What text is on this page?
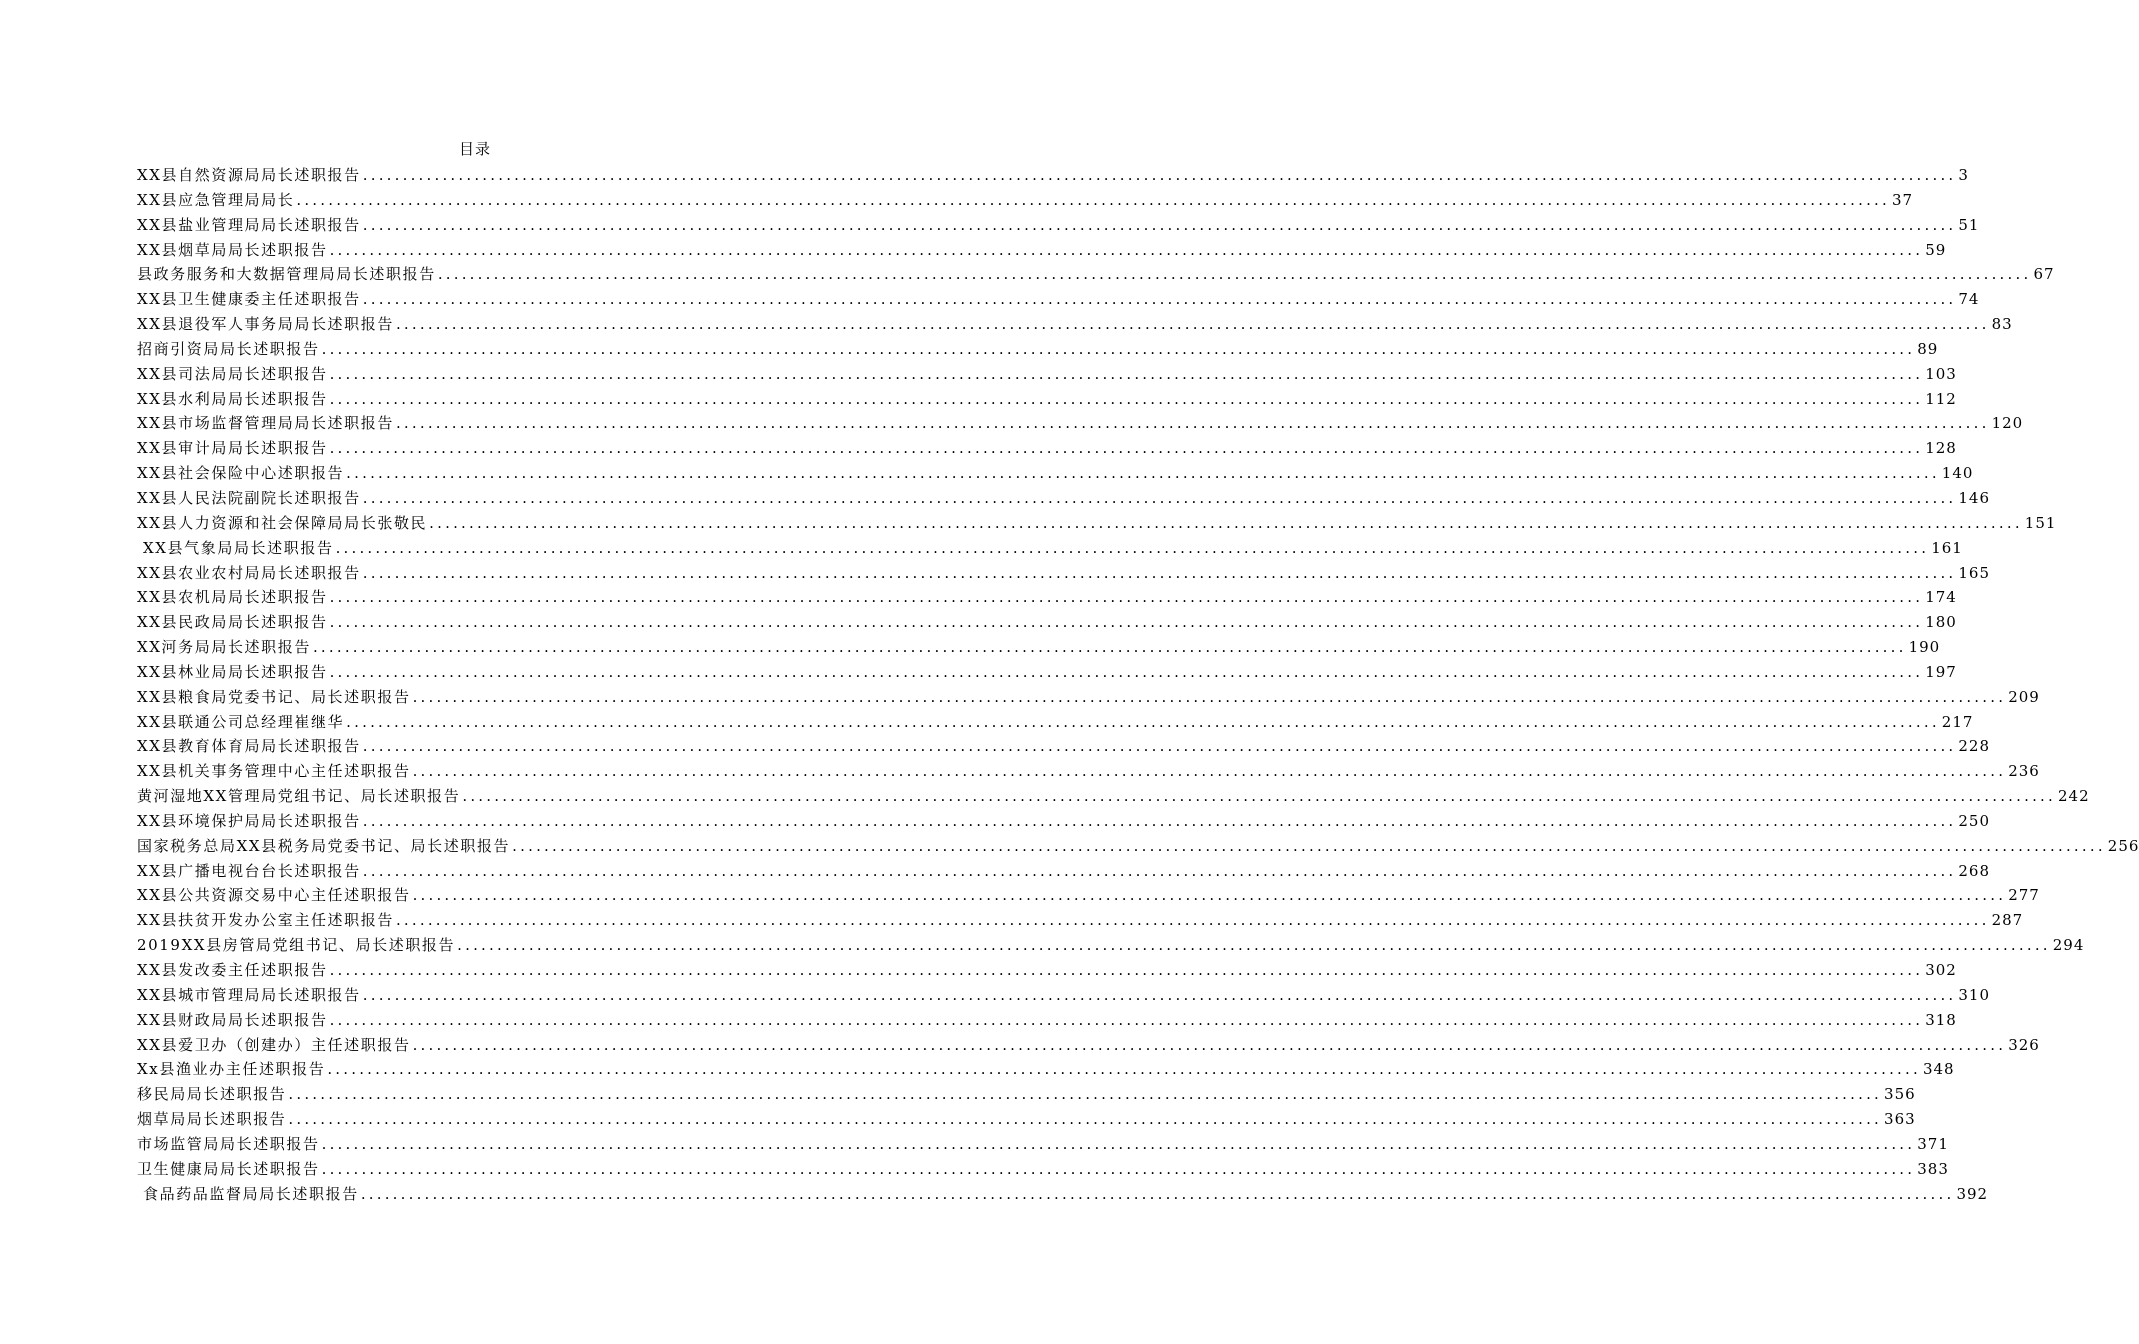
目录
XX县自然资源局局长述职报告 ........................................................................................................................................................................................................ 3
XX县应急管理局局长 ........................................................................................................................................................................................................ 37
XX县盐业管理局局长述职报告 ........................................................................................................................................................................................................ 51
XX县烟草局局长述职报告 ........................................................................................................................................................................................................ 59
县政务服务和大数据管理局局长述职报告 ........................................................................................................................................................................................................ 67
XX县卫生健康委主任述职报告 ........................................................................................................................................................................................................ 74
XX县退役军人事务局局长述职报告 ........................................................................................................................................................................................................ 83
招商引资局局长述职报告 ........................................................................................................................................................................................................ 89
XX县司法局局长述职报告 ........................................................................................................................................................................................................ 103
XX县水利局局长述职报告 ........................................................................................................................................................................................................ 112
XX县市场监督管理局局长述职报告 ........................................................................................................................................................................................................ 120
XX县审计局局长述职报告 ........................................................................................................................................................................................................ 128
XX县社会保险中心述职报告 ........................................................................................................................................................................................................ 140
XX县人民法院副院长述职报告 ........................................................................................................................................................................................................ 146
XX县人力资源和社会保障局局长张敬民 ........................................................................................................................................................................................................ 151
XX县气象局局长述职报告 ........................................................................................................................................................................................................ 161
XX县农业农村局局长述职报告 ........................................................................................................................................................................................................ 165
XX县农机局局长述职报告 ........................................................................................................................................................................................................ 174
XX县民政局局长述职报告 ........................................................................................................................................................................................................ 180
XX河务局局长述职报告 ........................................................................................................................................................................................................ 190
XX县林业局局长述职报告 ........................................................................................................................................................................................................ 197
XX县粮食局党委书记、局长述职报告 ........................................................................................................................................................................................................ 209
XX县联通公司总经理崔继华 ........................................................................................................................................................................................................ 217
XX县教育体育局局长述职报告 ........................................................................................................................................................................................................ 228
XX县机关事务管理中心主任述职报告 ........................................................................................................................................................................................................ 236
黄河湿地XX管理局党组书记、局长述职报告 ........................................................................................................................................................................................................ 242
XX县环境保护局局长述职报告 ........................................................................................................................................................................................................ 250
国家税务总局XX县税务局党委书记、局长述职报告 ........................................................................................................................................................................................................ 256
XX县广播电视台台长述职报告 ........................................................................................................................................................................................................ 268
XX县公共资源交易中心主任述职报告 ........................................................................................................................................................................................................ 277
XX县扶贫开发办公室主任述职报告 ........................................................................................................................................................................................................ 287
2019XX县房管局党组书记、局长述职报告 ........................................................................................................................................................................................................ 294
XX县发改委主任述职报告 ........................................................................................................................................................................................................ 302
XX县城市管理局局长述职报告 ........................................................................................................................................................................................................ 310
XX县财政局局长述职报告 ........................................................................................................................................................................................................ 318
XX县爱卫办（创建办）主任述职报告 ........................................................................................................................................................................................................ 326
Xx县渔业办主任述职报告 ........................................................................................................................................................................................................ 348
移民局局长述职报告 ........................................................................................................................................................................................................ 356
烟草局局长述职报告 ........................................................................................................................................................................................................ 363
市场监管局局长述职报告 ........................................................................................................................................................................................................ 371
卫生健康局局长述职报告 ........................................................................................................................................................................................................ 383
食品药品监督局局长述职报告 ........................................................................................................................................................................................................ 392
